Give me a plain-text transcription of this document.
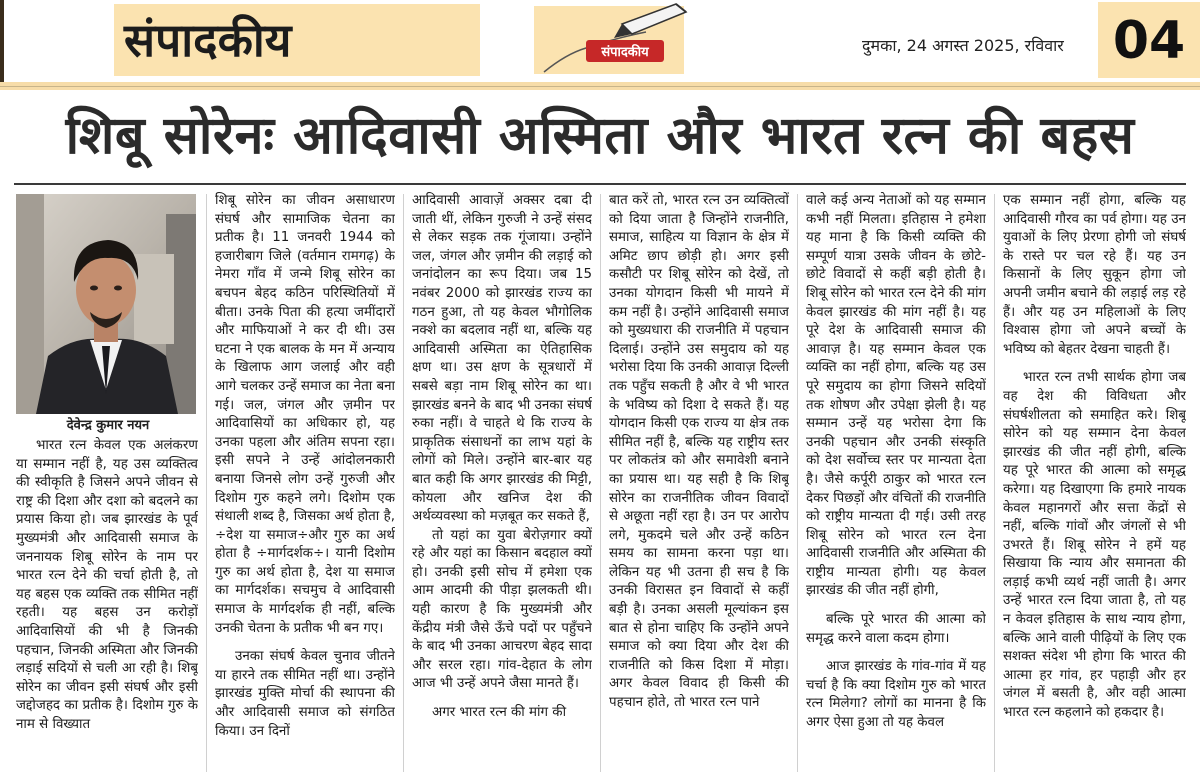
संपादकीय	संपादकीय	दुमका, 24 अगस्त 2025, रविवार 04
शिबू सोरेनः आदिवासी अस्मिता और भारत रत्न की बहस
देवेन्द्र कुमार नयन

भारत रत्न केवल एक अलंकरण या सम्मान नहीं है, यह उस व्यक्तित्व की स्वीकृति है जिसने अपने जीवन से राष्ट्र की दिशा और दशा को बदलने का प्रयास किया हो। जब झारखंड के पूर्व मुख्यमंत्री और आदिवासी समाज के जननायक शिबू सोरेन के नाम पर भारत रत्न देने की चर्चा होती है, तो यह बहस एक व्यक्ति तक सीमित नहीं रहती। यह बहस उन करोड़ों आदिवासियों की भी है जिनकी पहचान, जिनकी अस्मिता और जिनकी लड़ाई सदियों से चली आ रही है। शिबू सोरेन का जीवन इसी संघर्ष और इसी जद्दोजहद का प्रतीक है। दिशोम गुरु के नाम से विख्यात

शिबू सोरेन का जीवन असाधारण संघर्ष और सामाजिक चेतना का प्रतीक है। 11 जनवरी 1944 को हजारीबाग जिले (वर्तमान रामगढ़) के नेमरा गाँव में जन्मे शिबू सोरेन का बचपन बेहद कठिन परिस्थितियों में बीता। उनके पिता की हत्या जमींदारों और माफियाओं ने कर दी थी। उस घटना ने एक बालक के मन में अन्याय के खिलाफ आग जलाई और वही आगे चलकर उन्हें समाज का नेता बना गई। जल, जंगल और ज़मीन पर आदिवासियों का अधिकार हो, यह उनका पहला और अंतिम सपना रहा। इसी सपने ने उन्हें आंदोलनकारी बनाया जिनसे लोग उन्हें गुरुजी और दिशोम गुरु कहने लगे। दिशोम एक संथाली शब्द है, जिसका अर्थ होता है, ÷देश या समाज÷और गुरु का अर्थ होता है ÷मार्गदर्शक÷। यानी दिशोम गुरु का अर्थ होता है, देश या समाज का मार्गदर्शक। सचमुच वे आदिवासी समाज के मार्गदर्शक ही नहीं, बल्कि उनकी चेतना के प्रतीक भी बन गए।

उनका संघर्ष केवल चुनाव जीतने या हारने तक सीमित नहीं था। उन्होंने झारखंड मुक्ति मोर्चा की स्थापना की और आदिवासी समाज को संगठित किया। उन दिनों

आदिवासी आवाज़ें अक्सर दबा दी जाती थीं, लेकिन गुरुजी ने उन्हें संसद से लेकर सड़क तक गूंजाया। उन्होंने जल, जंगल और ज़मीन की लड़ाई को जनांदोलन का रूप दिया। जब 15 नवंबर 2000 को झारखंड राज्य का गठन हुआ, तो यह केवल भौगोलिक नक्शे का बदलाव नहीं था, बल्कि यह आदिवासी अस्मिता का ऐतिहासिक क्षण था। उस क्षण के सूत्रधारों में सबसे बड़ा नाम शिबू सोरेन का था। झारखंड बनने के बाद भी उनका संघर्ष रुका नहीं। वे चाहते थे कि राज्य के प्राकृतिक संसाधनों का लाभ यहां के लोगों को मिले। उन्होंने बार-बार यह बात कही कि अगर झारखंड की मिट्टी, कोयला और खनिज देश की अर्थव्यवस्था को मज़बूत कर सकते हैं,

तो यहां का युवा बेरोज़गार क्यों रहे और यहां का किसान बदहाल क्यों हो। उनकी इसी सोच में हमेशा एक आम आदमी की पीड़ा झलकती थी। यही कारण है कि मुख्यमंत्री और केंद्रीय मंत्री जैसे ऊँचे पदों पर पहुँचने के बाद भी उनका आचरण बेहद सादा और सरल रहा। गांव-देहात के लोग आज भी उन्हें अपने जैसा मानते हैं।

अगर भारत रत्न की मांग की

बात करें तो, भारत रत्न उन व्यक्तित्वों को दिया जाता है जिन्होंने राजनीति, समाज, साहित्य या विज्ञान के क्षेत्र में अमिट छाप छोड़ी हो। अगर इसी कसौटी पर शिबू सोरेन को देखें, तो उनका योगदान किसी भी मायने में कम नहीं है। उन्होंने आदिवासी समाज को मुख्यधारा की राजनीति में पहचान दिलाई। उन्होंने उस समुदाय को यह भरोसा दिया कि उनकी आवाज़ दिल्ली तक पहुँच सकती है और वे भी भारत के भविष्य को दिशा दे सकते हैं। यह योगदान किसी एक राज्य या क्षेत्र तक सीमित नहीं है, बल्कि यह राष्ट्रीय स्तर पर लोकतंत्र को और समावेशी बनाने का प्रयास था। यह सही है कि शिबू सोरेन का राजनीतिक जीवन विवादों से अछूता नहीं रहा है। उन पर आरोप लगे, मुकदमे चले और उन्हें कठिन समय का सामना करना पड़ा था। लेकिन यह भी उतना ही सच है कि उनकी विरासत इन विवादों से कहीं बड़ी है। उनका असली मूल्यांकन इस बात से होना चाहिए कि उन्होंने अपने समाज को क्या दिया और देश की राजनीति को किस दिशा में मोड़ा। अगर केवल विवाद ही किसी की पहचान होते, तो भारत रत्न पाने

वाले कई अन्य नेताओं को यह सम्मान कभी नहीं मिलता। इतिहास ने हमेशा यह माना है कि किसी व्यक्ति की सम्पूर्ण यात्रा उसके जीवन के छोटे-छोटे विवादों से कहीं बड़ी होती है। शिबू सोरेन को भारत रत्न देने की मांग केवल झारखंड की मांग नहीं है। यह पूरे देश के आदिवासी समाज की आवाज़ है। यह सम्मान केवल एक व्यक्ति का नहीं होगा, बल्कि यह उस पूरे समुदाय का होगा जिसने सदियों तक शोषण और उपेक्षा झेली है। यह सम्मान उन्हें यह भरोसा देगा कि उनकी पहचान और उनकी संस्कृति को देश सर्वोच्च स्तर पर मान्यता देता है। जैसे कर्पूरी ठाकुर को भारत रत्न देकर पिछड़ों और वंचितों की राजनीति को राष्ट्रीय मान्यता दी गई। उसी तरह शिबू सोरेन को भारत रत्न देना आदिवासी राजनीति और अस्मिता की राष्ट्रीय मान्यता होगी। यह केवल झारखंड की जीत नहीं होगी,

बल्कि पूरे भारत की आत्मा को समृद्ध करने वाला कदम होगा।

आज झारखंड के गांव-गांव में यह चर्चा है कि क्या दिशोम गुरु को भारत रत्न मिलेगा? लोगों का मानना है कि अगर ऐसा हुआ तो यह केवल

एक सम्मान नहीं होगा, बल्कि यह आदिवासी गौरव का पर्व होगा। यह उन युवाओं के लिए प्रेरणा होगी जो संघर्ष के रास्ते पर चल रहे हैं। यह उन किसानों के लिए सुकून होगा जो अपनी जमीन बचाने की लड़ाई लड़ रहे हैं। और यह उन महिलाओं के लिए विश्वास होगा जो अपने बच्चों के भविष्य को बेहतर देखना चाहती हैं।

भारत रत्न तभी सार्थक होगा जब वह देश की विविधता और संघर्षशीलता को समाहित करे। शिबू सोरेन को यह सम्मान देना केवल झारखंड की जीत नहीं होगी, बल्कि यह पूरे भारत की आत्मा को समृद्ध करेगा। यह दिखाएगा कि हमारे नायक केवल महानगरों और सत्ता केंद्रों से नहीं, बल्कि गांवों और जंगलों से भी उभरते हैं। शिबू सोरेन ने हमें यह सिखाया कि न्याय और समानता की लड़ाई कभी व्यर्थ नहीं जाती है। अगर उन्हें भारत रत्न दिया जाता है, तो यह न केवल इतिहास के साथ न्याय होगा, बल्कि आने वाली पीढ़ियों के लिए एक सशक्त संदेश भी होगा कि भारत की आत्मा हर गांव, हर पहाड़ी और हर जंगल में बसती है, और वही आत्मा भारत रत्न कहलाने को हकदार है।
